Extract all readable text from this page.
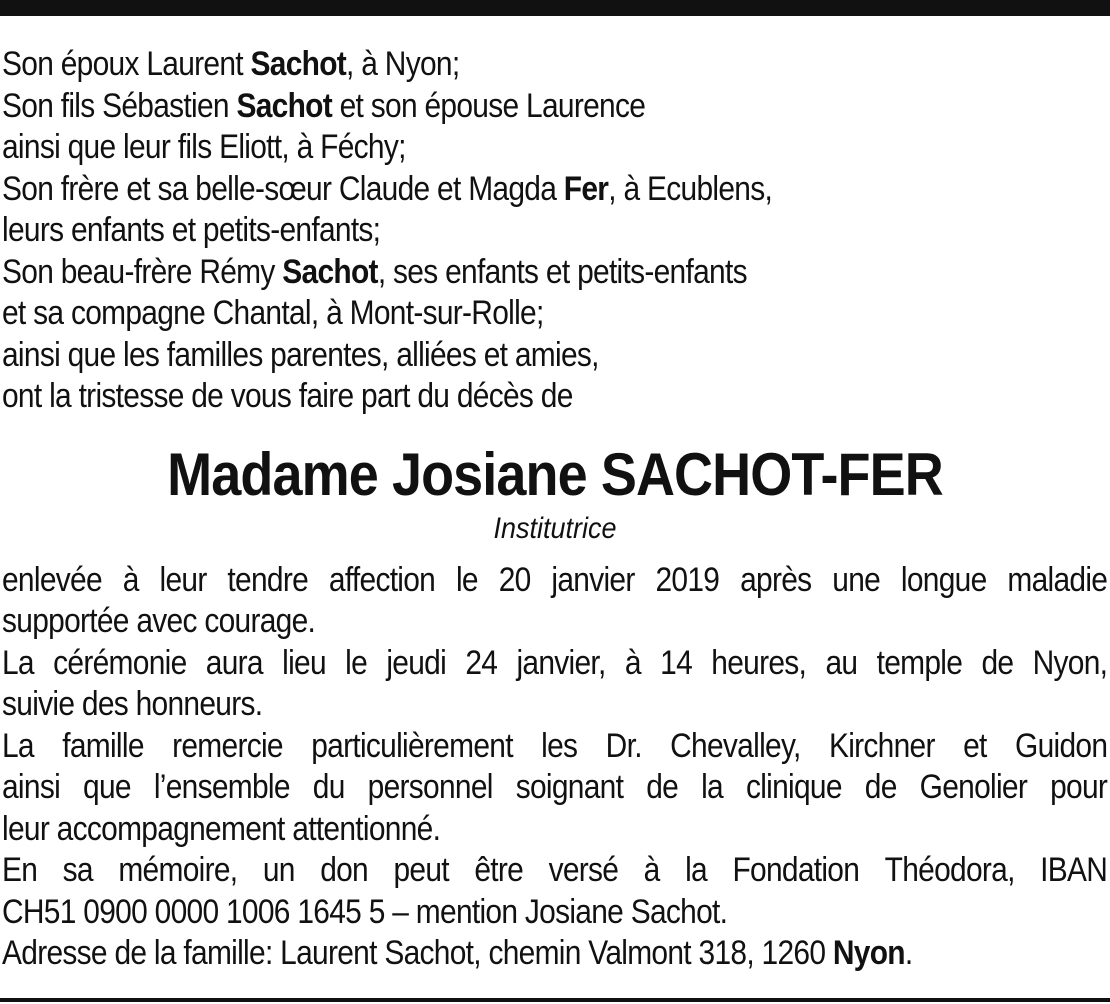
Son époux Laurent Sachot, à Nyon;
Son fils Sébastien Sachot et son épouse Laurence
ainsi que leur fils Eliott, à Féchy;
Son frère et sa belle-sœur Claude et Magda Fer, à Ecublens,
leurs enfants et petits-enfants;
Son beau-frère Rémy Sachot, ses enfants et petits-enfants
et sa compagne Chantal, à Mont-sur-Rolle;
ainsi que les familles parentes, alliées et amies,
ont la tristesse de vous faire part du décès de
Madame Josiane SACHOT-FER
Institutrice
enlevée à leur tendre affection le 20 janvier 2019 après une longue maladie
supportée avec courage.
La cérémonie aura lieu le jeudi 24 janvier, à 14 heures, au temple de Nyon,
suivie des honneurs.
La famille remercie particulièrement les Dr. Chevalley, Kirchner et Guidon
ainsi que l’ensemble du personnel soignant de la clinique de Genolier pour
leur accompagnement attentionné.
En sa mémoire, un don peut être versé à la Fondation Théodora, IBAN
CH51 0900 0000 1006 1645 5 – mention Josiane Sachot.
Adresse de la famille: Laurent Sachot, chemin Valmont 318, 1260 Nyon.
